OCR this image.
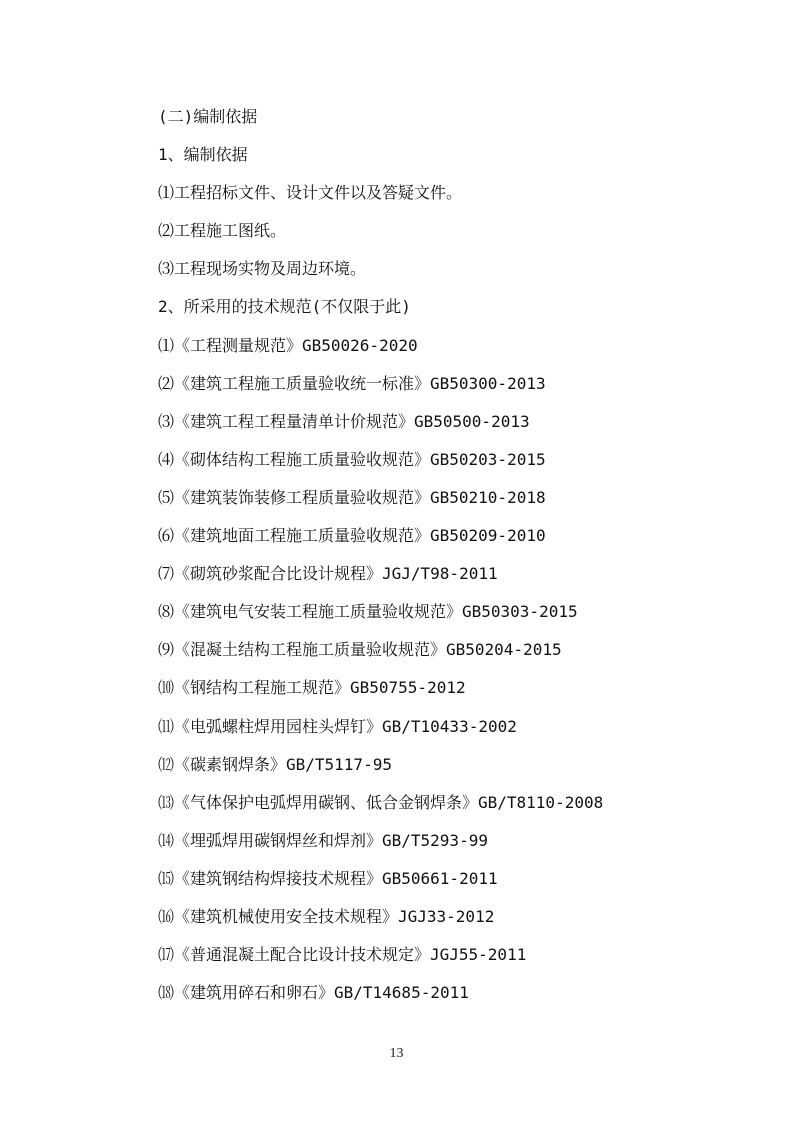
(二)编制依据
1、编制依据
⑴工程招标文件、设计文件以及答疑文件。
⑵工程施工图纸。
⑶工程现场实物及周边环境。
2、所采用的技术规范(不仅限于此)
⑴《工程测量规范》GB50026-2020
⑵《建筑工程施工质量验收统一标准》GB50300-2013
⑶《建筑工程工程量清单计价规范》GB50500-2013
⑷《砌体结构工程施工质量验收规范》GB50203-2015
⑸《建筑装饰装修工程质量验收规范》GB50210-2018
⑹《建筑地面工程施工质量验收规范》GB50209-2010
⑺《砌筑砂浆配合比设计规程》JGJ/T98-2011
⑻《建筑电气安装工程施工质量验收规范》GB50303-2015
⑼《混凝土结构工程施工质量验收规范》GB50204-2015
⑽《钢结构工程施工规范》GB50755-2012
⑾《电弧螺柱焊用园柱头焊钉》GB/T10433-2002
⑿《碳素钢焊条》GB/T5117-95
⒀《气体保护电弧焊用碳钢、低合金钢焊条》GB/T8110-2008
⒁《埋弧焊用碳钢焊丝和焊剂》GB/T5293-99
⒂《建筑钢结构焊接技术规程》GB50661-2011
⒃《建筑机械使用安全技术规程》JGJ33-2012
⒄《普通混凝土配合比设计技术规定》JGJ55-2011
⒅《建筑用碎石和卵石》GB/T14685-2011
13
